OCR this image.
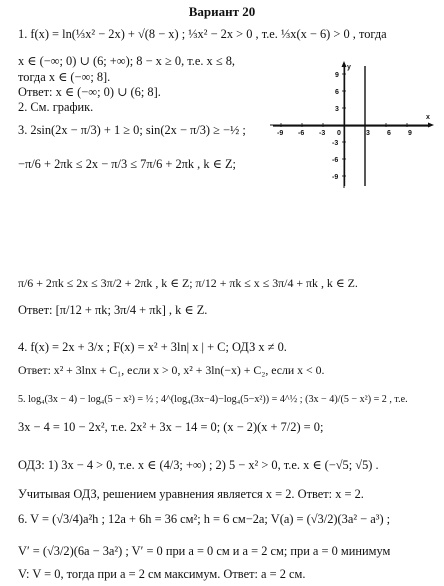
Вариант 20
1. f(x) = ln(⅓x² − 2x) + √(8 − x) ; ⅓x² − 2x > 0 , т.е. ⅓x(x − 6) > 0 , тогда
x ∈ (−∞; 0) ∪ (6; +∞); 8 − x ≥ 0, т.е. x ≤ 8,
тогда x ∈ (−∞; 8].
Ответ: x ∈ (−∞; 0) ∪ (6; 8].
2. См. график.
3. 2sin(2x − π/3) + 1 ≥ 0; sin(2x − π/3) ≥ −½ ;
−π/6 + 2πk ≤ 2x − π/3 ≤ 7π/6 + 2πk , k ∈ Z;
π/6 + 2πk ≤ 2x ≤ 3π/2 + 2πk , k ∈ Z; π/12 + πk ≤ x ≤ 3π/4 + πk , k ∈ Z.
Ответ: [π/12 + πk; 3π/4 + πk] , k ∈ Z.
4. f(x) = 2x + 3/x ; F(x) = x² + 3ln| x | + C; ОДЗ x ≠ 0.
Ответ: x² + 3lnx + C₁, если x > 0, x² + 3ln(−x) + C₂, если x < 0.
5. log₄(3x − 4) − log₄(5 − x²) = ½ ; 4^(log₄(3x−4)−log₄(5−x²)) = 4^½ ; (3x − 4)/(5 − x²) = 2 , т.е.
3x − 4 = 10 − 2x², т.е. 2x² + 3x − 14 = 0; (x − 2)(x + 7/2) = 0;
ОДЗ: 1) 3x − 4 > 0, т.е. x ∈ (4/3; +∞) ; 2) 5 − x² > 0, т.е. x ∈ (−√5; √5) .
Учитывая ОДЗ, решением уравнения является x = 2. Ответ: x = 2.
6. V = (√3/4)a²h ; 12a + 6h = 36 см²; h = 6 см−2a; V(a) = (√3/2)(3a² − a³) ;
V′ = (√3/2)(6a − 3a²) ; V′ = 0 при a = 0 см и a = 2 см; при a = 0 минимум
V: V = 0, тогда при a = 2 см максимум. Ответ: a = 2 см.
y
x
-9 -6 -3 0	3 6 9
9
6
3
-3
-6
-9
